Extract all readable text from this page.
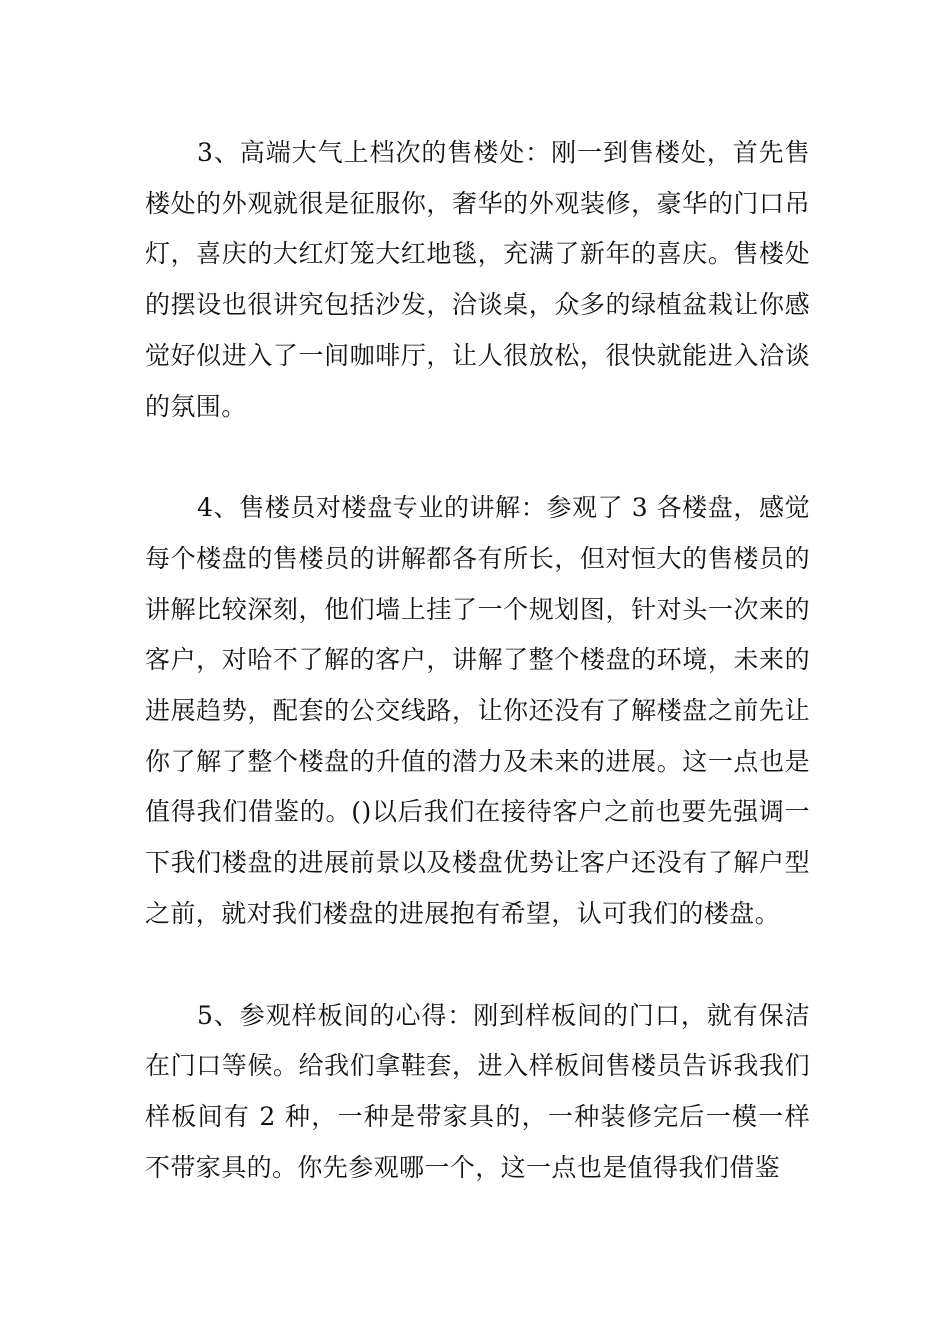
3、高端大气上档次的售楼处：刚一到售楼处，首先售楼处的外观就很是征服你，奢华的外观装修，豪华的门口吊灯，喜庆的大红灯笼大红地毯，充满了新年的喜庆。售楼处的摆设也很讲究包括沙发，洽谈桌，众多的绿植盆栽让你感觉好似进入了一间咖啡厅，让人很放松，很快就能进入洽谈的氛围。

4、售楼员对楼盘专业的讲解：参观了 3 各楼盘，感觉每个楼盘的售楼员的讲解都各有所长，但对恒大的售楼员的讲解比较深刻，他们墙上挂了一个规划图，针对头一次来的客户，对哈不了解的客户，讲解了整个楼盘的环境，未来的进展趋势，配套的公交线路，让你还没有了解楼盘之前先让你了解了整个楼盘的升值的潜力及未来的进展。这一点也是值得我们借鉴的。()以后我们在接待客户之前也要先强调一下我们楼盘的进展前景以及楼盘优势让客户还没有了解户型之前，就对我们楼盘的进展抱有希望，认可我们的楼盘。

5、参观样板间的心得：刚到样板间的门口，就有保洁在门口等候。给我们拿鞋套，进入样板间售楼员告诉我我们样板间有 2 种，一种是带家具的，一种装修完后一模一样不带家具的。你先参观哪一个，这一点也是值得我们借鉴
